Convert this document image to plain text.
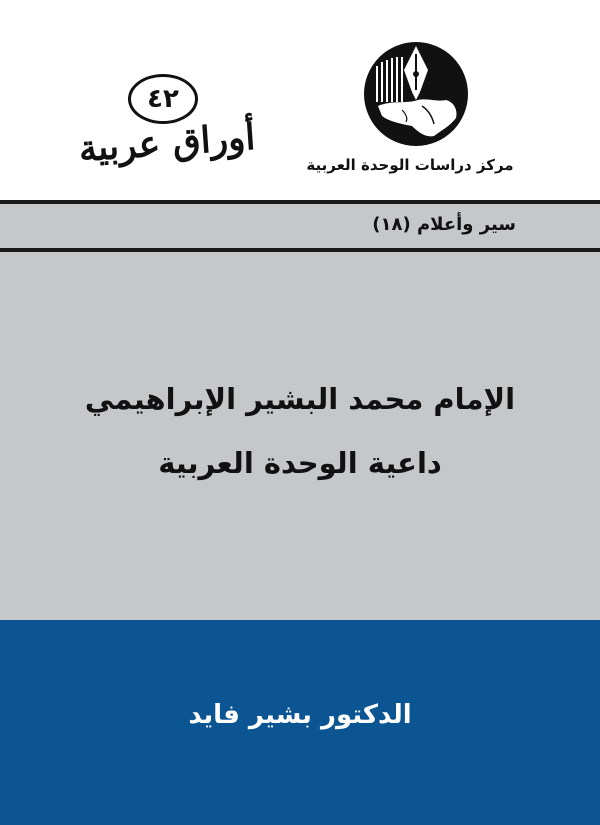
مركز دراسات الوحدة العربية
٤٢
أوراق عربية
سير وأعلام (١٨)
الإمام محمد البشير الإبراهيمي
داعية الوحدة العربية
الدكتور بشير فايد
